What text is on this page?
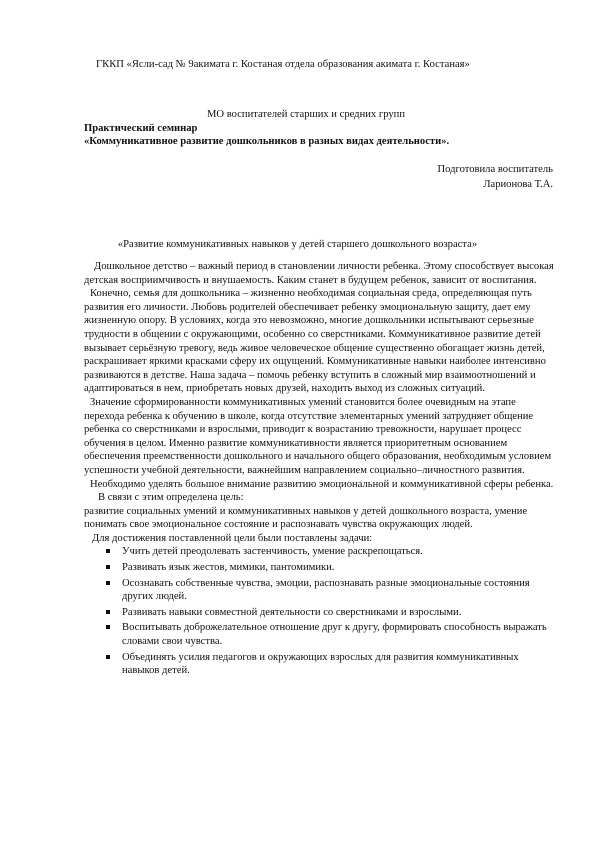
ГККП «Ясли-сад № 9акимата г. Костаная отдела образования акимата г. Костаная»
МО воспитателей старших и средних групп
Практический семинар
«Коммуникативное развитие дошкольников в разных видах деятельности».
Подготовила воспитатель
Ларионова Т.А.
«Развитие коммуникативных навыков у детей старшего дошкольного возраста»

Дошкольное детство – важный период в становлении личности ребенка. Этому способствует высокая детская восприимчивость и внушаемость. Каким станет в будущем ребенок, зависит от воспитания.

Конечно, семья для дошкольника – жизненно необходимая социальная среда, определяющая путь развития его личности. Любовь родителей обеспечивает ребенку эмоциональную защиту, дает ему жизненную опору. В условиях, когда это невозможно, многие дошкольники испытывают серьезные трудности в общении с окружающими, особенно со сверстниками. Коммуникативное развитие детей вызывает серьёзную тревогу, ведь живое человеческое общение существенно обогащает жизнь детей, раскрашивает яркими красками сферу их ощущений. Коммуникативные навыки наиболее интенсивно развиваются в детстве. Наша задача – помочь ребенку вступить в сложный мир взаимоотношений и адаптироваться в нем, приобретать новых друзей, находить выход из сложных ситуаций.

Значение сформированности коммуникативных умений становится более очевидным на этапе перехода ребенка к обучению в школе, когда отсутствие элементарных умений затрудняет общение ребенка со сверстниками и взрослыми, приводит к возрастанию тревожности, нарушает процесс обучения в целом. Именно развитие коммуникативности является приоритетным основанием обеспечения преемственности дошкольного и начального общего образования, необходимым условием успешности учебной деятельности, важнейшим направлением социально–личностного развития.

Необходимо уделять большое внимание развитию эмоциональной и коммуникативной сферы ребенка.

В связи с этим определена цель:

развитие социальных умений и коммуникативных навыков у детей дошкольного возраста, умение понимать свое эмоциональное состояние и распознавать чувства окружающих людей.

Для достижения поставленной цели были поставлены задачи:

Учить детей преодолевать застенчивость, умение раскрепощаться.
Развивать язык жестов, мимики, пантомимики.
Осознавать собственные чувства, эмоции, распознавать разные эмоциональные состояния других людей.
Развивать навыки совместной деятельности со сверстниками и взрослыми.
Воспитывать доброжелательное отношение друг к другу, формировать способность выражать словами свои чувства.
Объединять усилия педагогов и окружающих взрослых для развития коммуникативных навыков детей.
